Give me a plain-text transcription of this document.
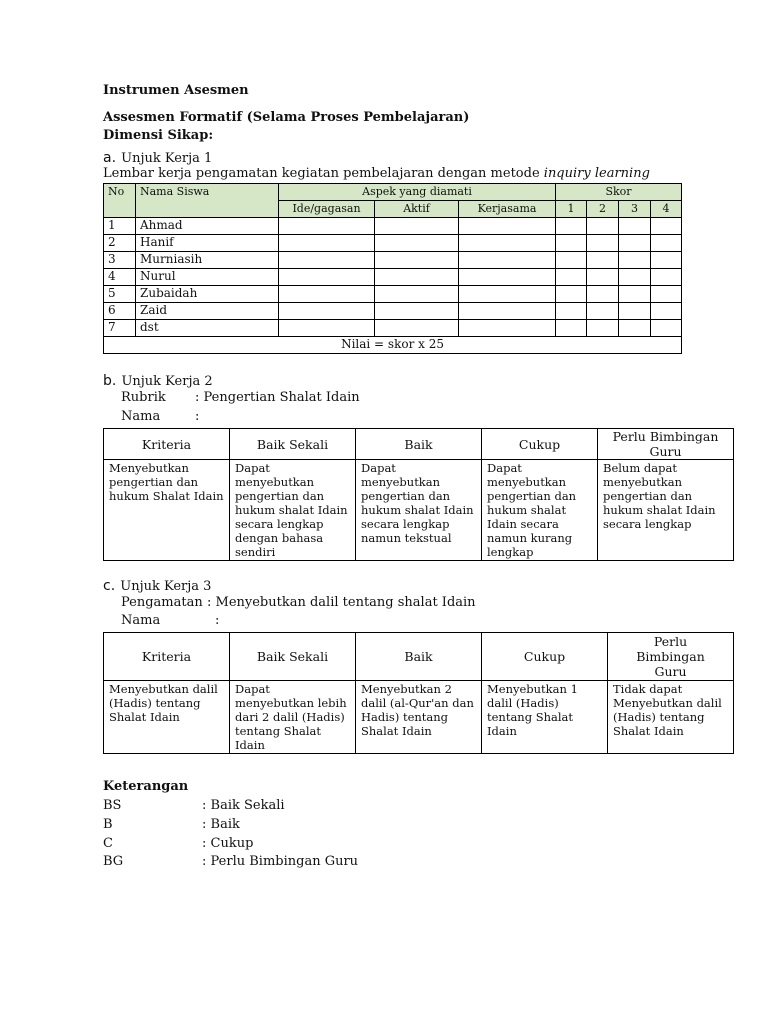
Instrumen Asesmen
Assesmen Formatif (Selama Proses Pembelajaran)
Dimensi Sikap:
a. Unjuk Kerja 1
Lembar kerja pengamatan kegiatan pembelajaran dengan metode inquiry learning
No	Nama Siswa	Aspek yang diamati			Skor			
		Ide/gagasan	Aktif	Kerjasama	1	2	3	4
1	Ahmad							
2	Hanif							
3	Murniasih							
4	Nurul							
5	Zubaidah							
6	Zaid							
7	dst							
Nilai = skor x 25								
b. Unjuk Kerja 2
Rubrik : Pengertian Shalat Idain
Nama	:
Kriteria	Baik Sekali	Baik	Cukup	Perlu Bimbingan Guru
Menyebutkan pengertian dan hukum Shalat Idain	Dapat menyebutkan pengertian dan hukum shalat Idain secara lengkap dengan bahasa sendiri	Dapat menyebutkan pengertian dan hukum shalat Idain secara lengkap namun tekstual	Dapat menyebutkan pengertian dan hukum shalat Idain secara namun kurang lengkap	Belum dapat menyebutkan pengertian dan hukum shalat Idain secara lengkap
c. Unjuk Kerja 3
Pengamatan : Menyebutkan dalil tentang shalat Idain
Nama	:
Kriteria	Baik Sekali	Baik	Cukup	Perlu Bimbingan Guru
Menyebutkan dalil (Hadis) tentang Shalat Idain	Dapat menyebutkan lebih dari 2 dalil (Hadis) tentang Shalat Idain	Menyebutkan 2 dalil (al-Qur'an dan Hadis) tentang Shalat Idain	Menyebutkan 1 dalil (Hadis) tentang Shalat Idain	Tidak dapat Menyebutkan dalil (Hadis) tentang Shalat Idain
Keterangan
BS	: Baik Sekali
B	: Baik
C	: Cukup
BG	: Perlu Bimbingan Guru
